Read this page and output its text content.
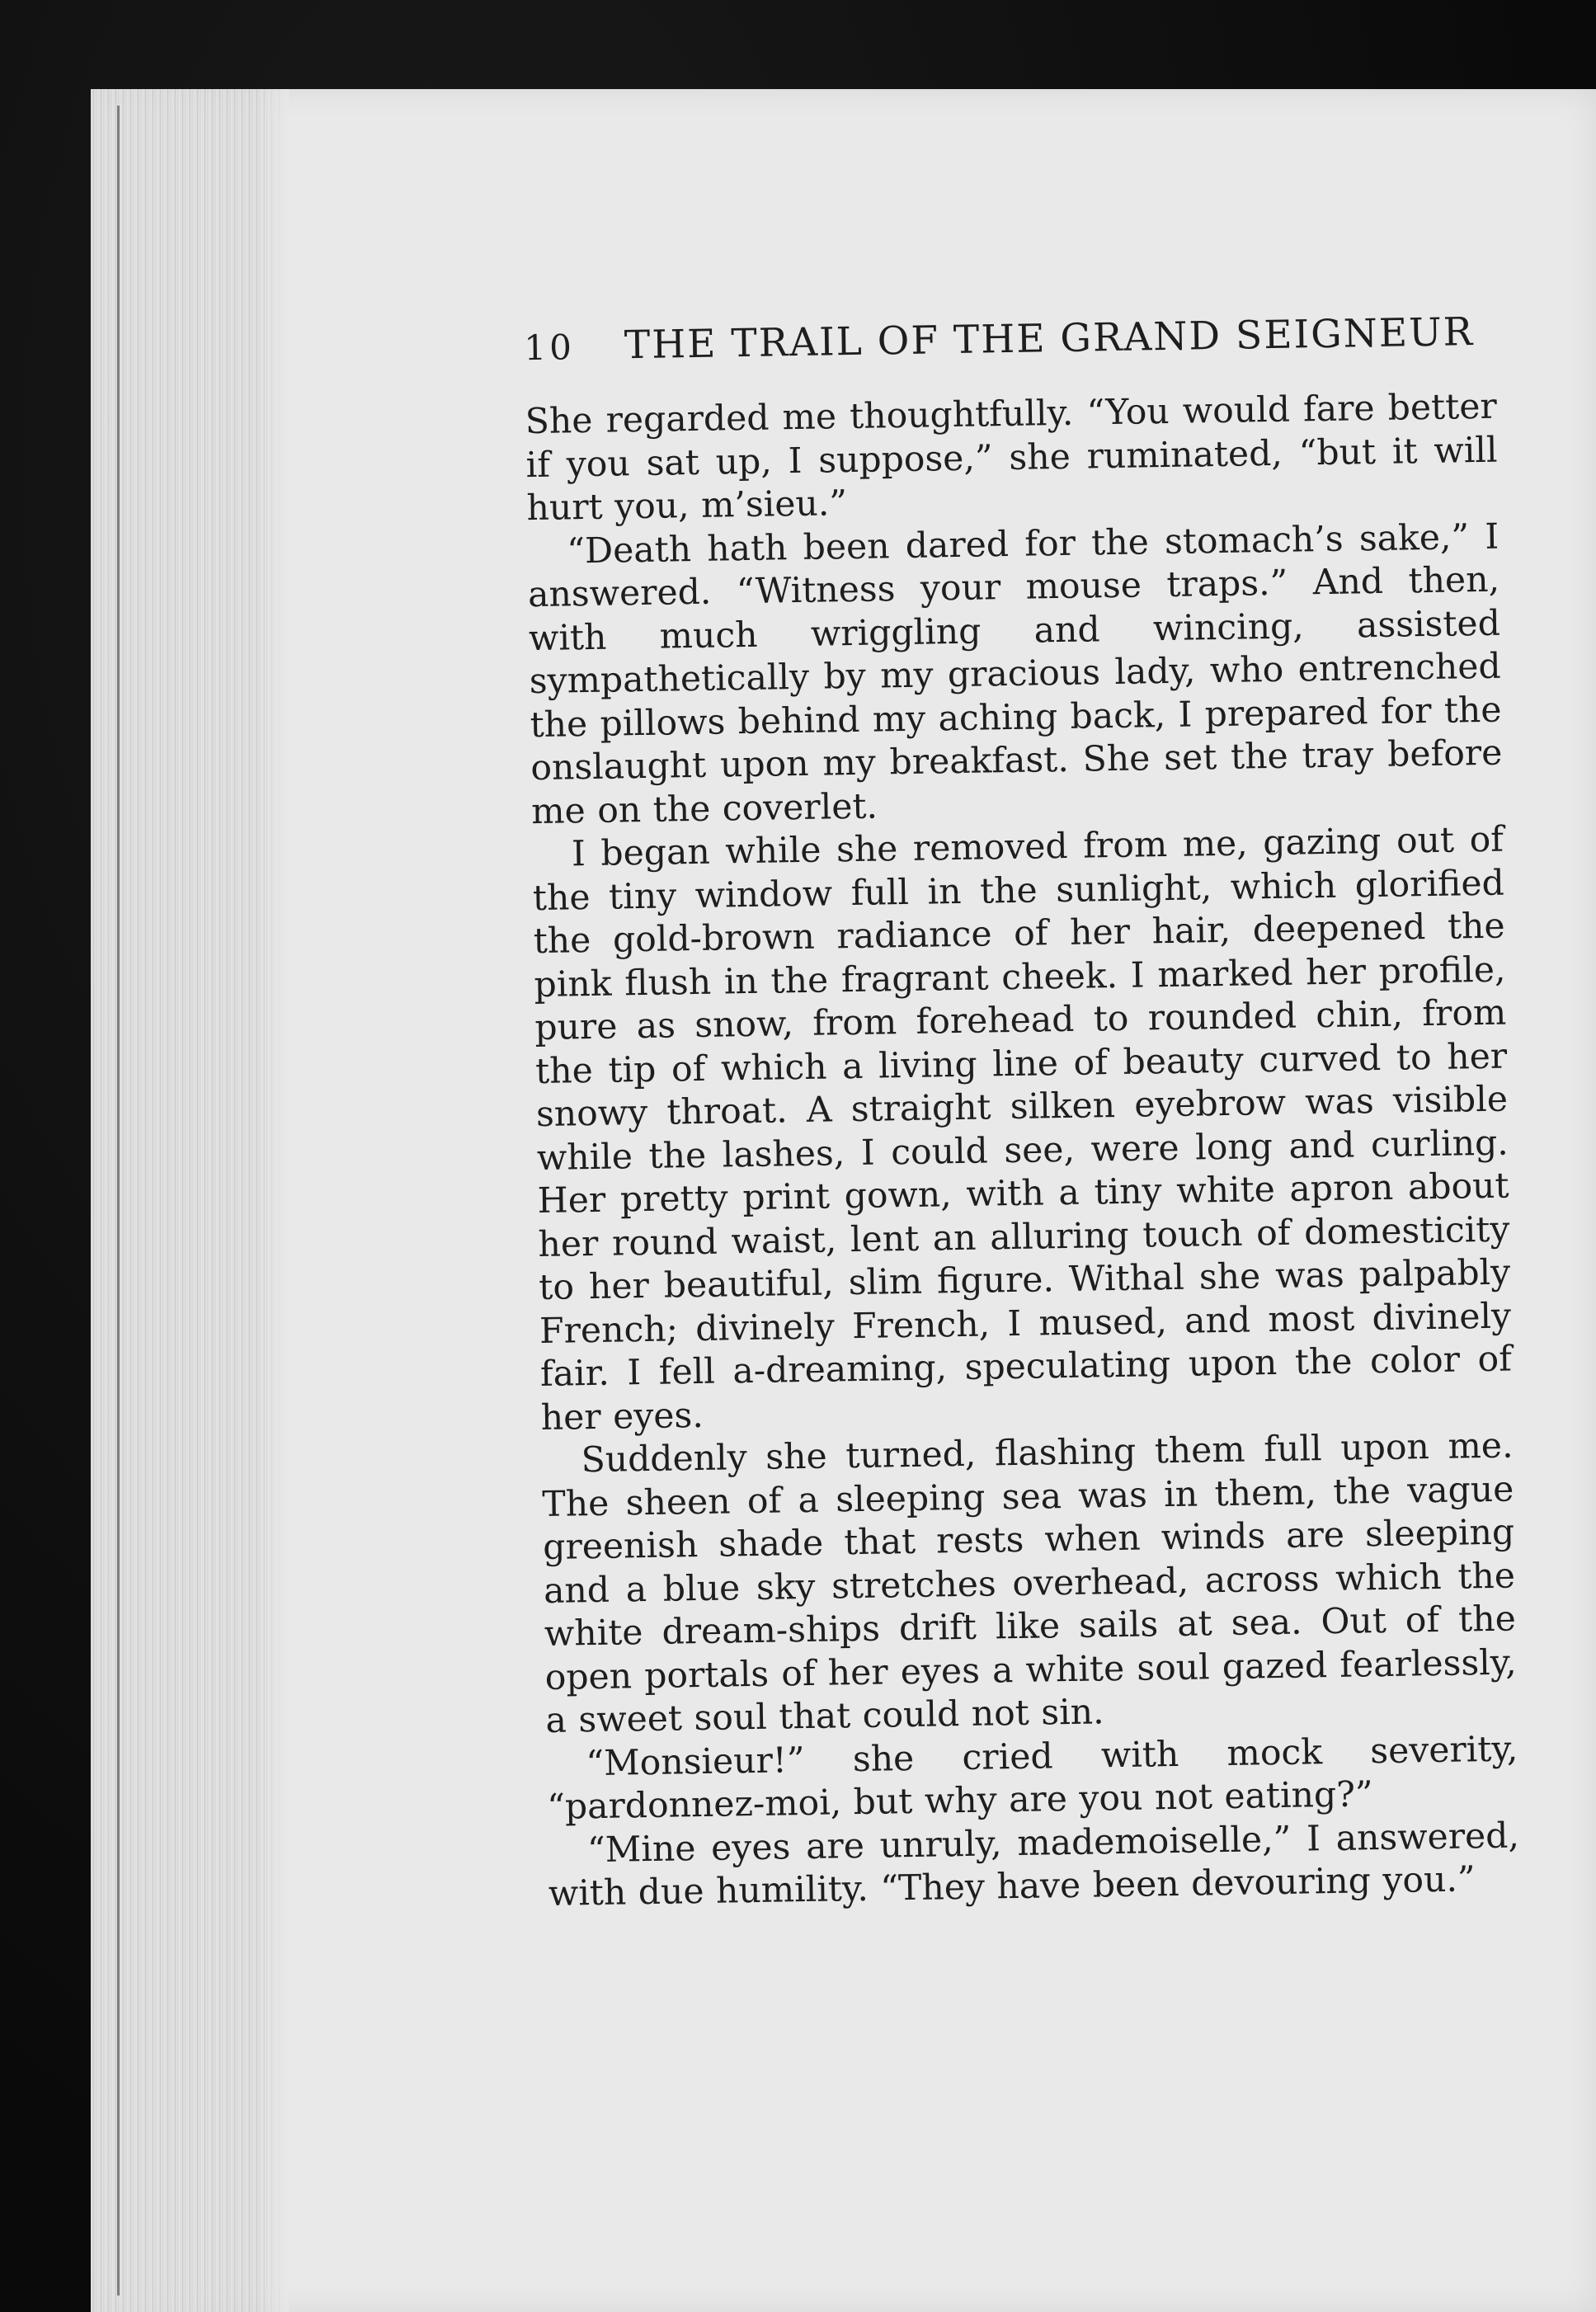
10 THE TRAIL OF THE GRAND SEIGNEUR

She regarded me thoughtfully. “You would fare better if you sat up, I suppose,” she ruminated, “but it will hurt you, m’sieu.”

“Death hath been dared for the stomach’s sake,” I answered. “Witness your mouse traps.” And then, with much wriggling and wincing, assisted sympathetically by my gracious lady, who entrenched the pillows behind my aching back, I prepared for the onslaught upon my breakfast. She set the tray before me on the coverlet.

I began while she removed from me, gazing out of the tiny window full in the sunlight, which glorified the gold-brown radiance of her hair, deepened the pink flush in the fragrant cheek. I marked her profile, pure as snow, from forehead to rounded chin, from the tip of which a living line of beauty curved to her snowy throat. A straight silken eyebrow was visible while the lashes, I could see, were long and curling. Her pretty print gown, with a tiny white apron about her round waist, lent an alluring touch of domesticity to her beautiful, slim figure. Withal she was palpably French; divinely French, I mused, and most divinely fair. I fell a-dreaming, speculating upon the color of her eyes.

Suddenly she turned, flashing them full upon me. The sheen of a sleeping sea was in them, the vague greenish shade that rests when winds are sleeping and a blue sky stretches overhead, across which the white dream-ships drift like sails at sea. Out of the open portals of her eyes a white soul gazed fearlessly, a sweet soul that could not sin.

“Monsieur!” she cried with mock severity, “pardonnez-moi, but why are you not eating?”

“Mine eyes are unruly, mademoiselle,” I answered, with due humility. “They have been devouring you.”
